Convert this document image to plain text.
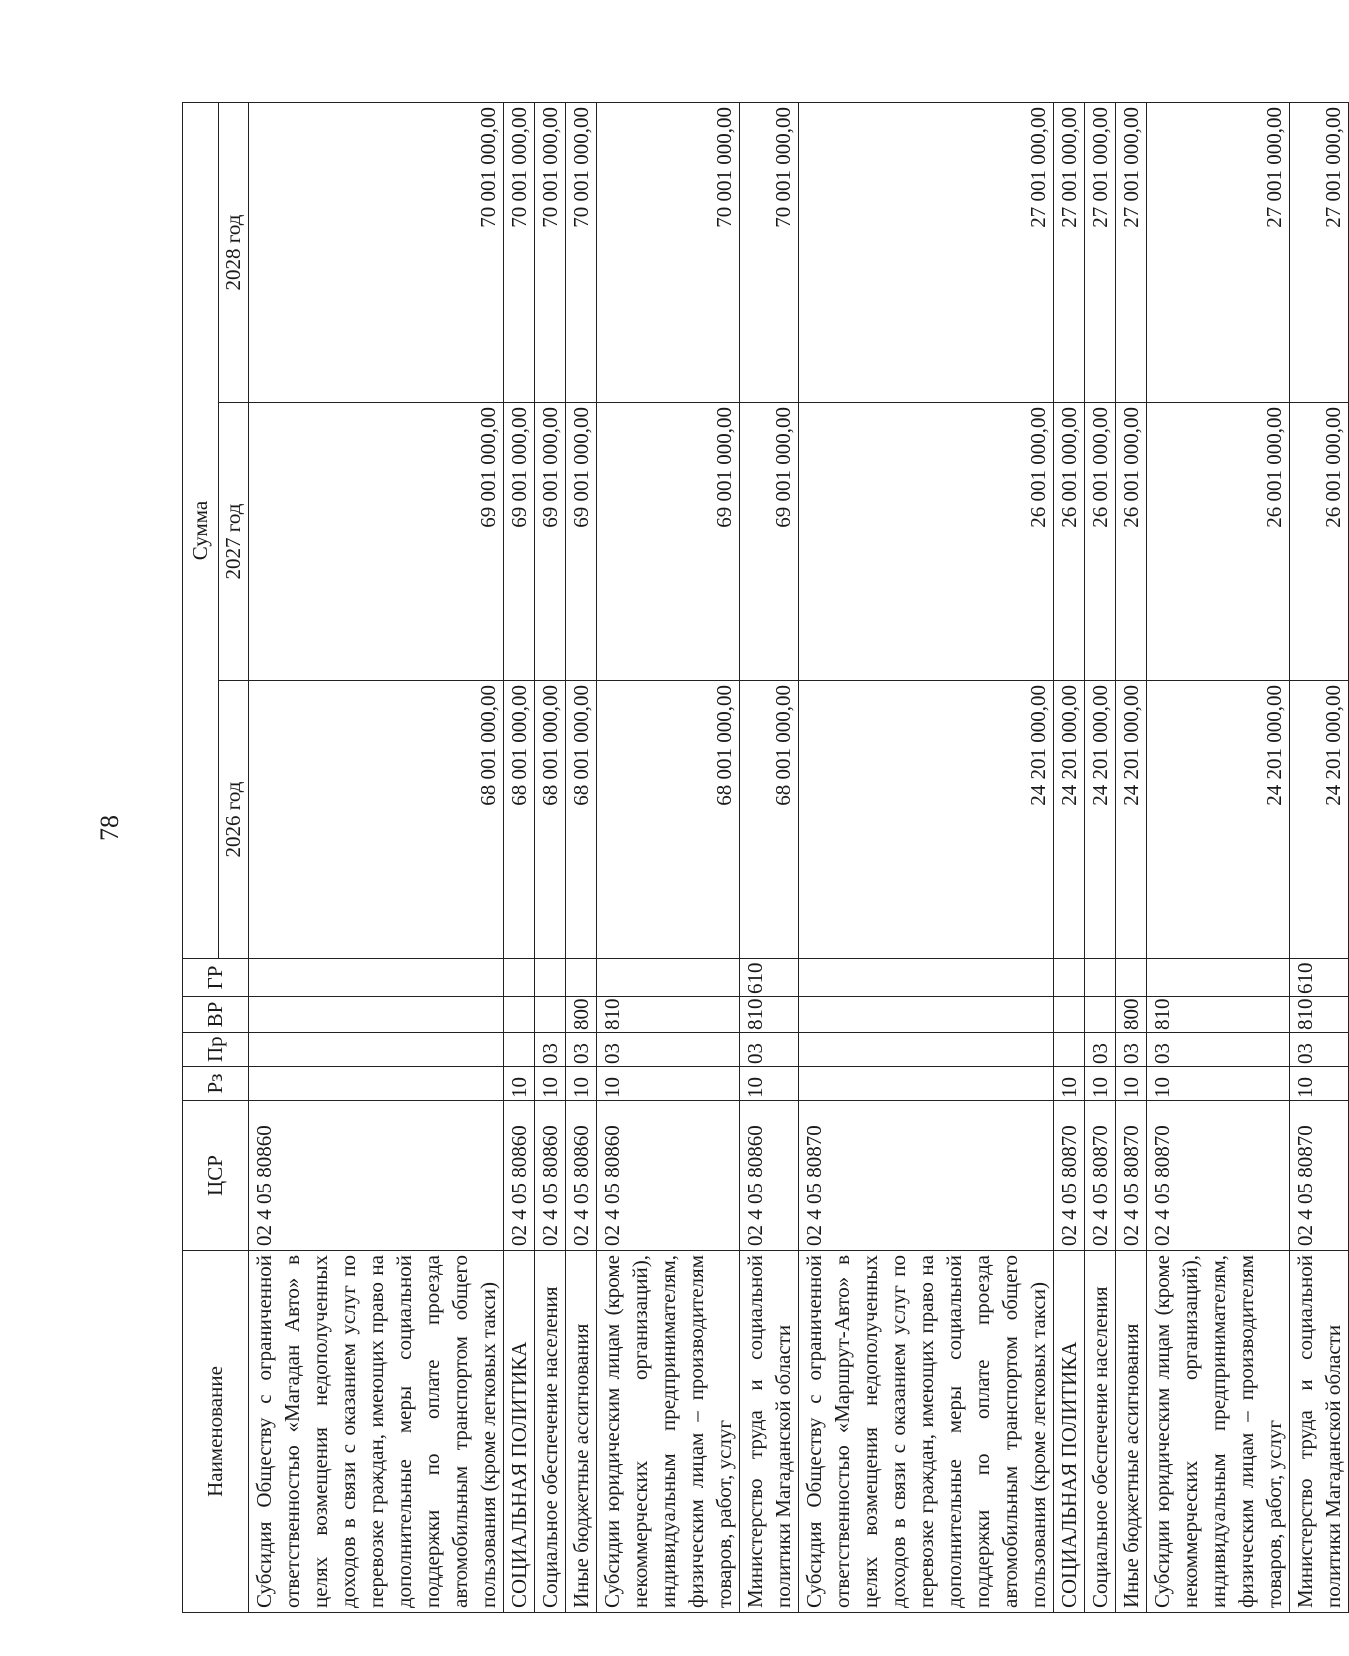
78
Наименование	ЦСР	Рз	Пр	ВР	ГР	Сумма		
						2026 год	2027 год	2028 год
Субсидия Обществу с ограниченной ответственностью «Магадан Авто» в целях возмещения недополученных доходов в связи с оказанием услуг по перевозке граждан, имеющих право на дополнительные меры социальной поддержки по оплате проезда автомобильным транспортом общего пользования (кроме легковых такси)	02 4 05 80860					68 001 000,00	69 001 000,00	70 001 000,00
СОЦИАЛЬНАЯ ПОЛИТИКА	02 4 05 80860	10				68 001 000,00	69 001 000,00	70 001 000,00
Социальное обеспечение населения	02 4 05 80860	10	03			68 001 000,00	69 001 000,00	70 001 000,00
Иные бюджетные ассигнования	02 4 05 80860	10	03	800		68 001 000,00	69 001 000,00	70 001 000,00
Субсидии юридическим лицам (кроме некоммерческих организаций), индивидуальным предпринимателям, физическим лицам – производителям товаров, работ, услуг	02 4 05 80860	10	03	810		68 001 000,00	69 001 000,00	70 001 000,00
Министерство труда и социальной политики Магаданской области	02 4 05 80860	10	03	810	610	68 001 000,00	69 001 000,00	70 001 000,00
Субсидия Обществу с ограниченной ответственностью «Маршрут-Авто» в целях возмещения недополученных доходов в связи с оказанием услуг по перевозке граждан, имеющих право на дополнительные меры социальной поддержки по оплате проезда автомобильным транспортом общего пользования (кроме легковых такси)	02 4 05 80870					24 201 000,00	26 001 000,00	27 001 000,00
СОЦИАЛЬНАЯ ПОЛИТИКА	02 4 05 80870	10				24 201 000,00	26 001 000,00	27 001 000,00
Социальное обеспечение населения	02 4 05 80870	10	03			24 201 000,00	26 001 000,00	27 001 000,00
Иные бюджетные ассигнования	02 4 05 80870	10	03	800		24 201 000,00	26 001 000,00	27 001 000,00
Субсидии юридическим лицам (кроме некоммерческих организаций), индивидуальным предпринимателям, физическим лицам – производителям товаров, работ, услуг	02 4 05 80870	10	03	810		24 201 000,00	26 001 000,00	27 001 000,00
Министерство труда и социальной политики Магаданской области	02 4 05 80870	10	03	810	610	24 201 000,00	26 001 000,00	27 001 000,00
